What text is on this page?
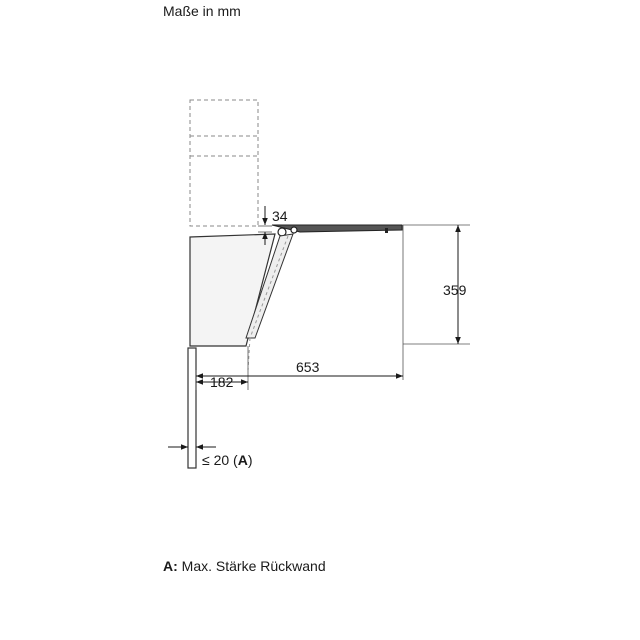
Maße in mm
34
359
653
182
≤ 20 (A)
A: Max. Stärke Rückwand
